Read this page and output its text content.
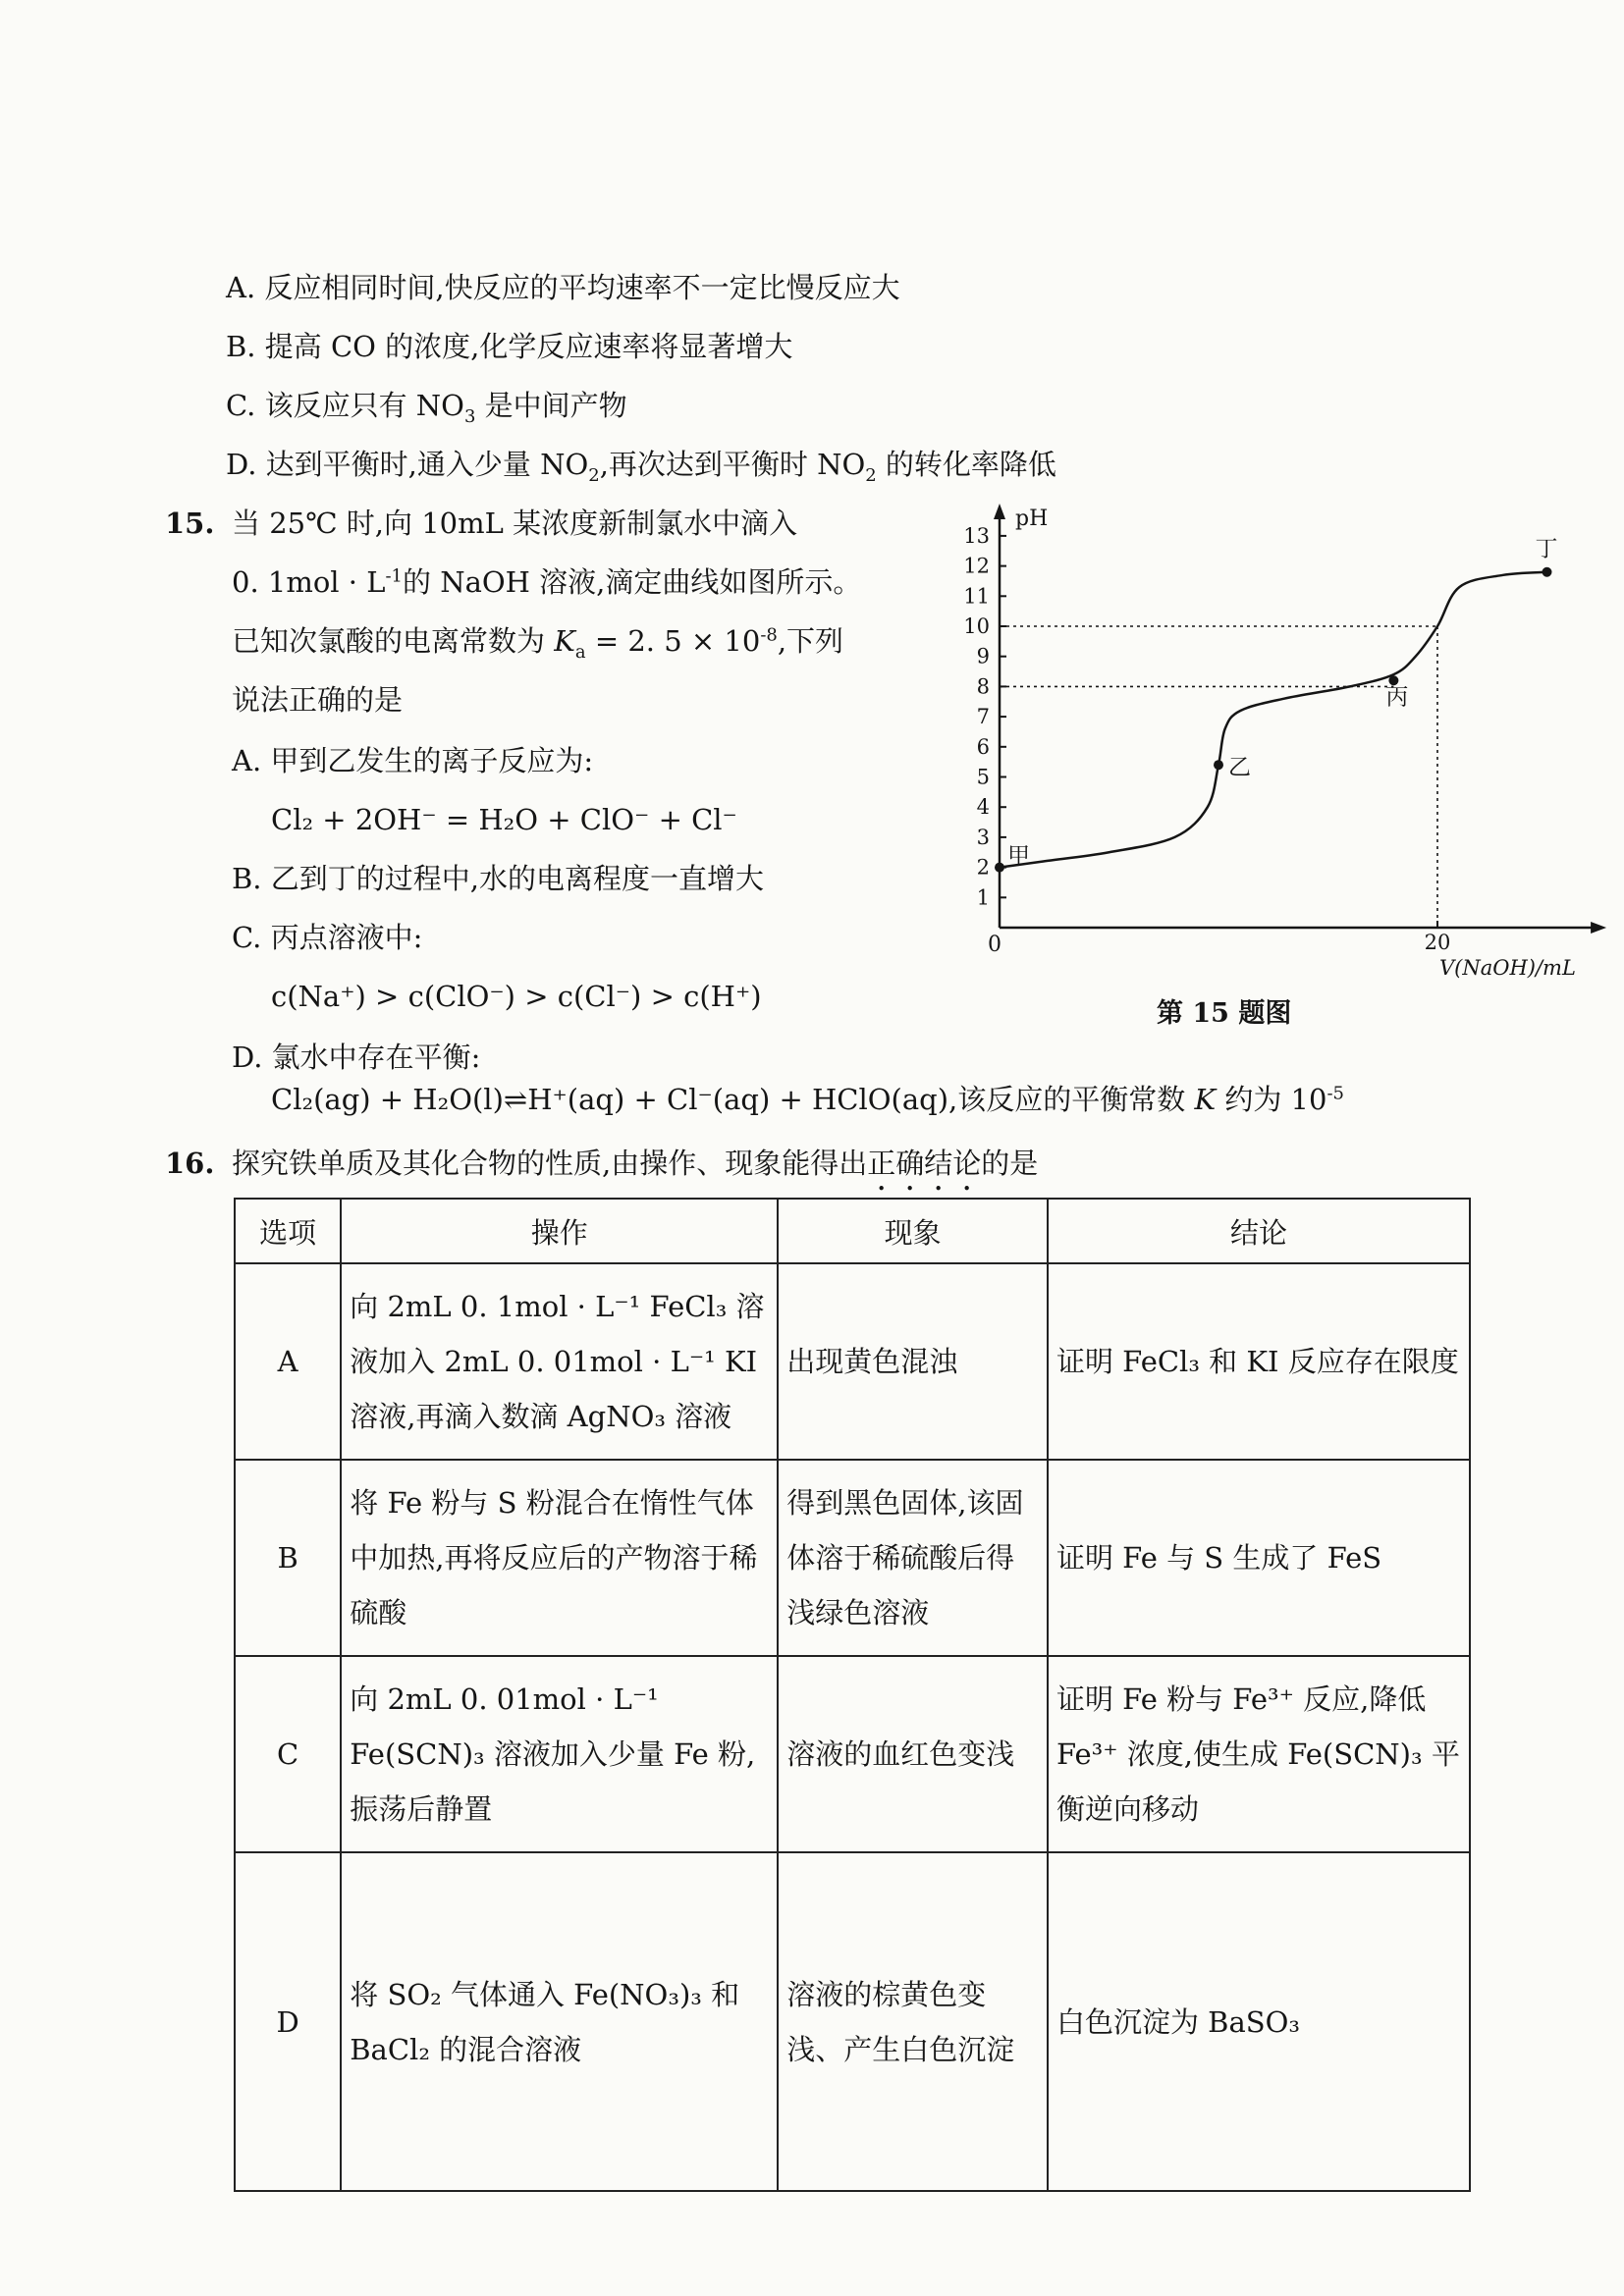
A. 反应相同时间,快反应的平均速率不一定比慢反应大
B. 提高 CO 的浓度,化学反应速率将显著增大
C. 该反应只有 $NO_3$ 是中间产物
D. 达到平衡时,通入少量 $NO_2$,再次达到平衡时 $NO_2$ 的转化率降低
15. 当 25℃ 时,向 10mL 某浓度新制氯水中滴入
0. $1mol \cdot L^{-1}$的 NaOH 溶液,滴定曲线如图所示。
已知次氯酸的电离常数为 $K_a = 2$. $5 \times 10^{-8}$,下列
说法正确的是
A. 甲到乙发生的离子反应为:
Cl₂ + 2OH⁻ = H₂O + ClO⁻ + Cl⁻
B. 乙到丁的过程中,水的电离程度一直增大
C. 丙点溶液中:
c(Na⁺) > c(ClO⁻) > c(Cl⁻) > c(H⁺)
D. 氯水中存在平衡:
Cl₂(ag) + H₂O(l)⇌H⁺(aq) + Cl⁻(aq) + HClO(aq),该反应的平衡常数 K 约为 $10^{-5}$
1
2
3
4
5
6
7
8
9
10
11
12
13
20
甲
乙
丙
丁
pH
V(NaOH)/mL
0
第 15 题图
16. 探究铁单质及其化合物的性质,由操作、现象能得出正确结论的是
选项	操作	现象	结论
A	向 2mL 0. 1mol · L⁻¹ FeCl₃ 溶液加入 2mL 0. 01mol · L⁻¹ KI 溶液,再滴入数滴 AgNO₃ 溶液	出现黄色混浊	证明 FeCl₃ 和 KI 反应存在限度
B	将 Fe 粉与 S 粉混合在惰性气体中加热,再将反应后的产物溶于稀硫酸	得到黑色固体,该固体溶于稀硫酸后得浅绿色溶液	证明 Fe 与 S 生成了 FeS
C	向 2mL 0. 01mol · L⁻¹ Fe(SCN)₃ 溶液加入少量 Fe 粉,振荡后静置	溶液的血红色变浅	证明 Fe 粉与 Fe³⁺ 反应,降低 Fe³⁺ 浓度,使生成 Fe(SCN)₃ 平衡逆向移动
D	将 SO₂ 气体通入 Fe(NO₃)₃ 和 BaCl₂ 的混合溶液	溶液的棕黄色变浅、产生白色沉淀	白色沉淀为 BaSO₃
